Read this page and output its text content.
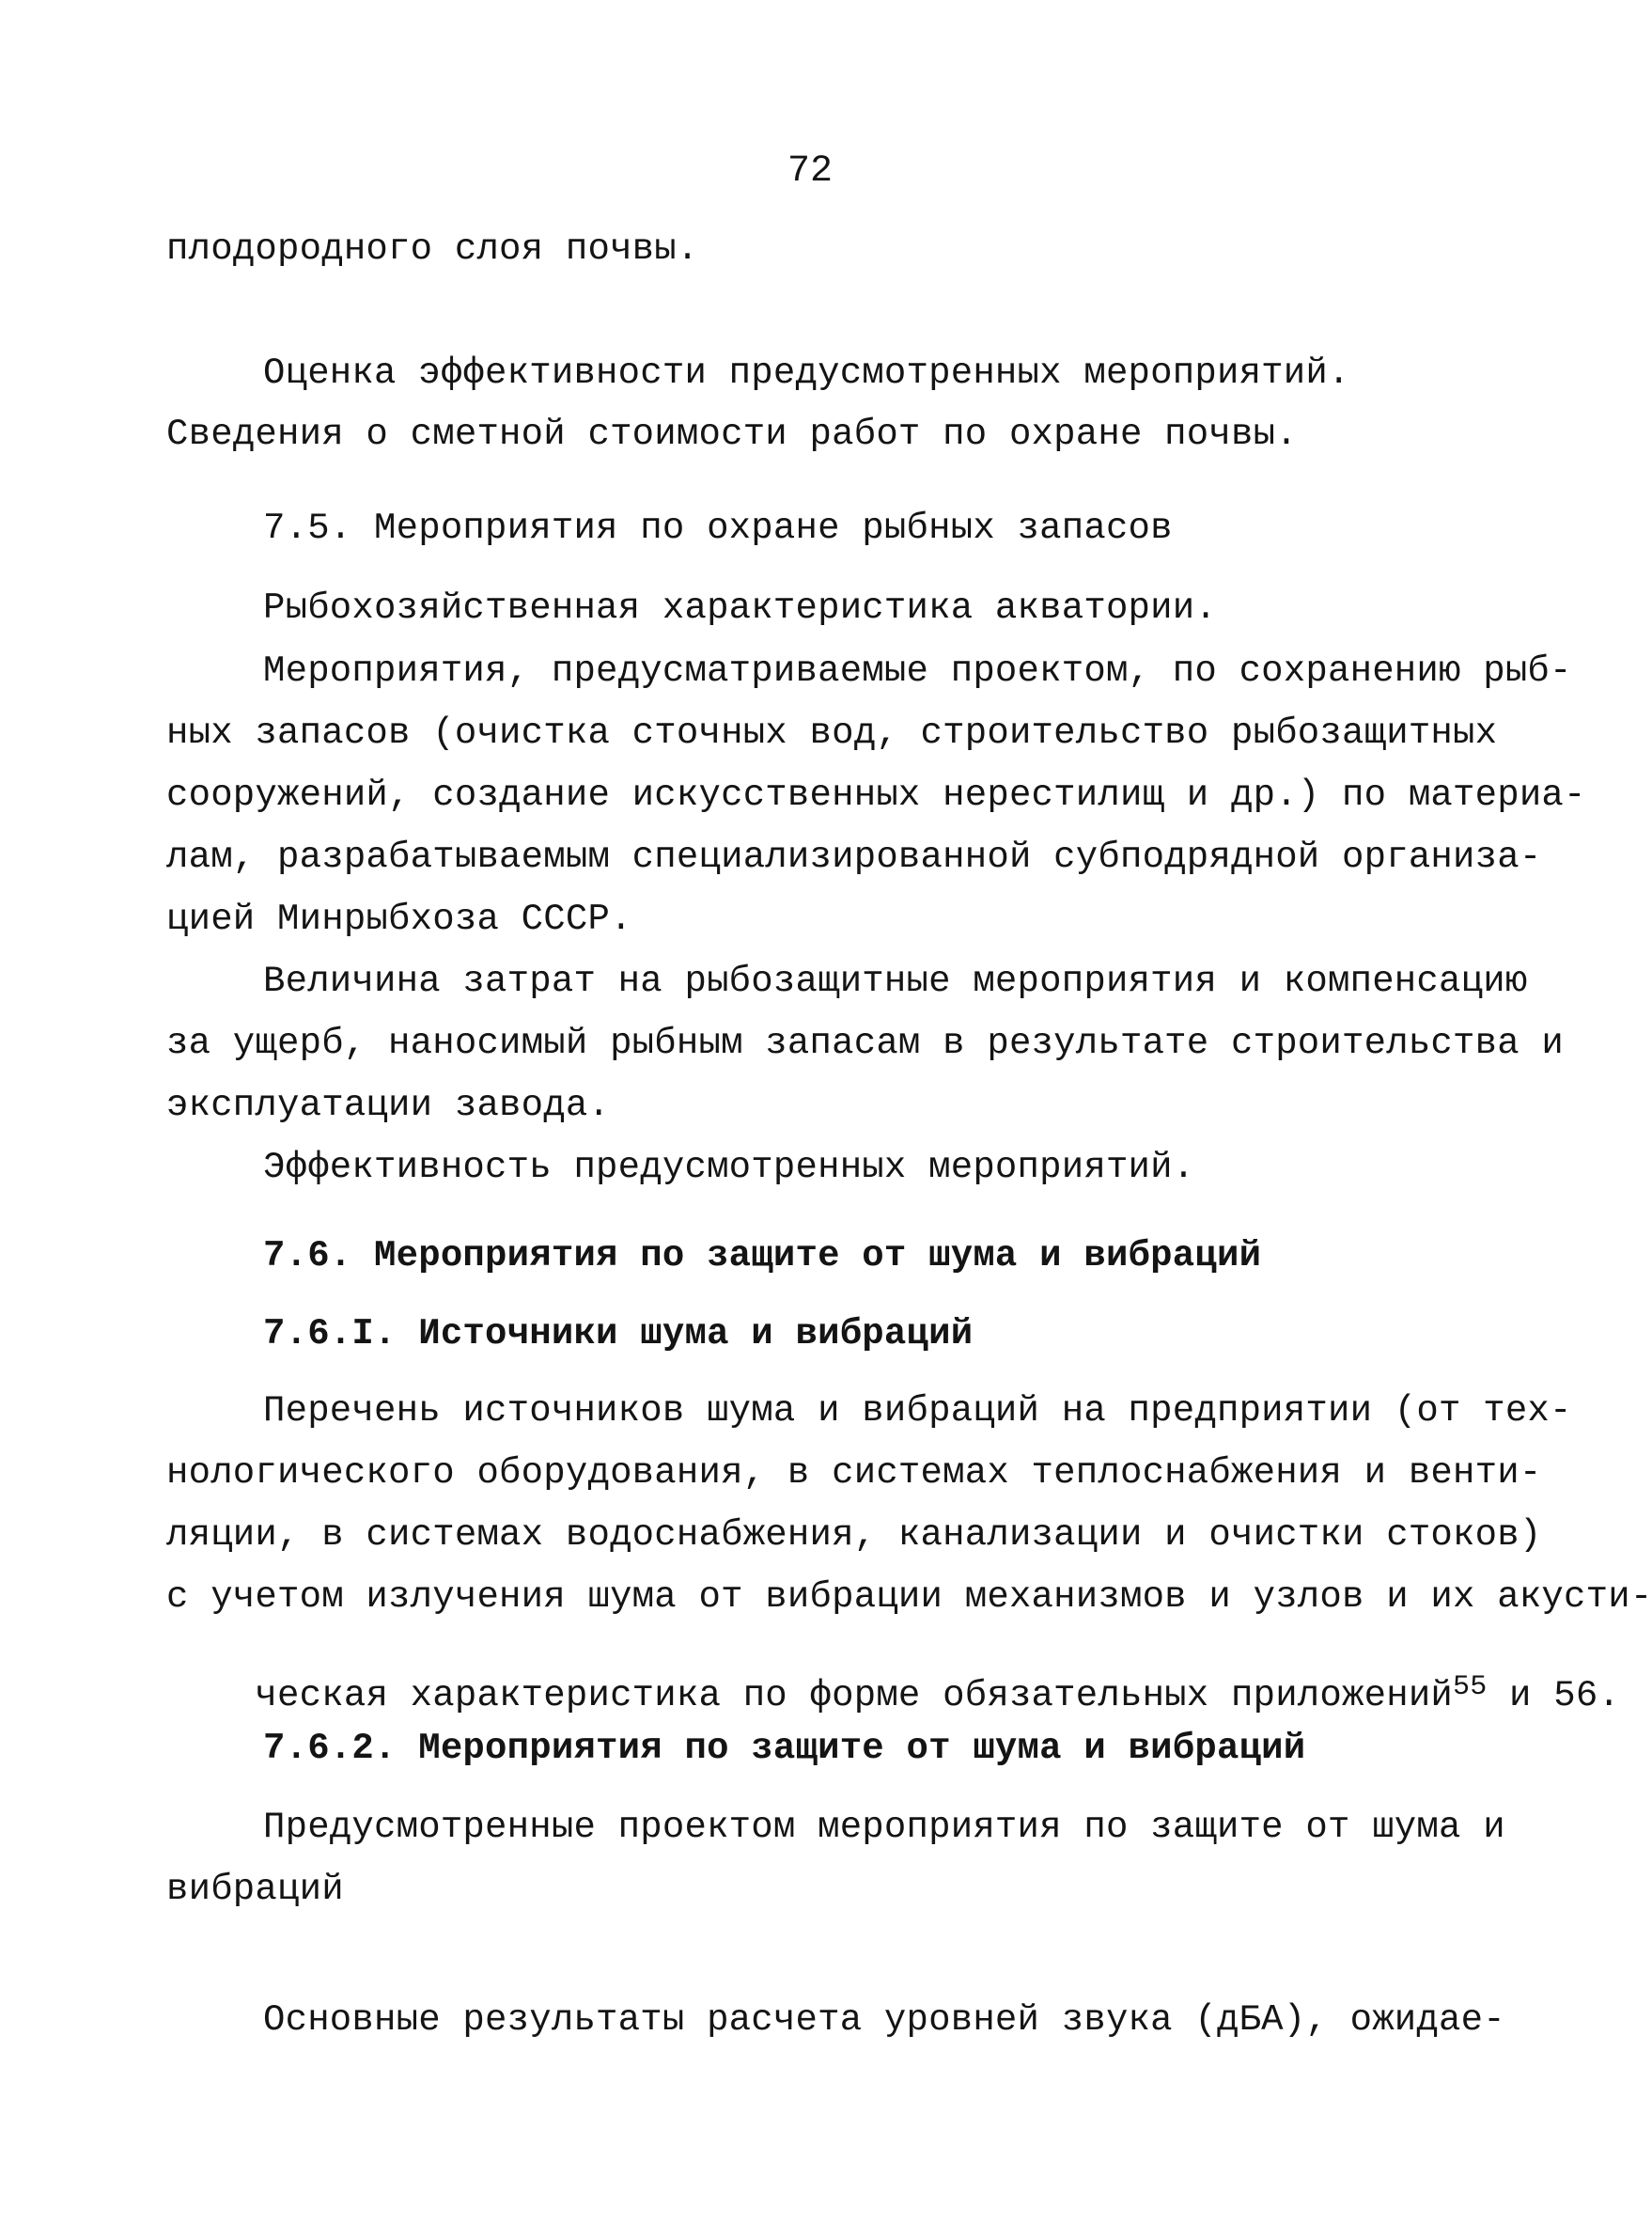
72
плодородного слоя почвы.
Оценка эффективности предусмотренных мероприятий.
Сведения о сметной стоимости работ по охране почвы.
7.5. Мероприятия по охране рыбных запасов
Рыбохозяйственная характеристика акватории.
Мероприятия, предусматриваемые проектом, по сохранению рыб-
ных запасов (очистка сточных вод, строительство рыбозащитных
сооружений, создание искусственных нерестилищ и др.) по материа-
лам, разрабатываемым специализированной субподрядной организа-
цией Минрыбхоза СССР.
Величина затрат на рыбозащитные мероприятия и компенсацию
за ущерб, наносимый рыбным запасам в результате строительства и
эксплуатации завода.
Эффективность предусмотренных мероприятий.
7.6. Мероприятия по защите от шума и вибраций
7.6.I. Источники шума и вибраций
Перечень источников шума и вибраций на предприятии (от тех-
нологического оборудования, в системах теплоснабжения и венти-
ляции, в системах водоснабжения, канализации и очистки стоков)
с учетом излучения шума от вибрации механизмов и узлов и их акусти-

ческая характеристика по форме обязательных приложений$^{55}$ и 56.

7.6.2. Мероприятия по защите от шума и вибраций
Предусмотренные проектом мероприятия по защите от шума и
вибраций
Основные результаты расчета уровней звука (дБА), ожидае-
